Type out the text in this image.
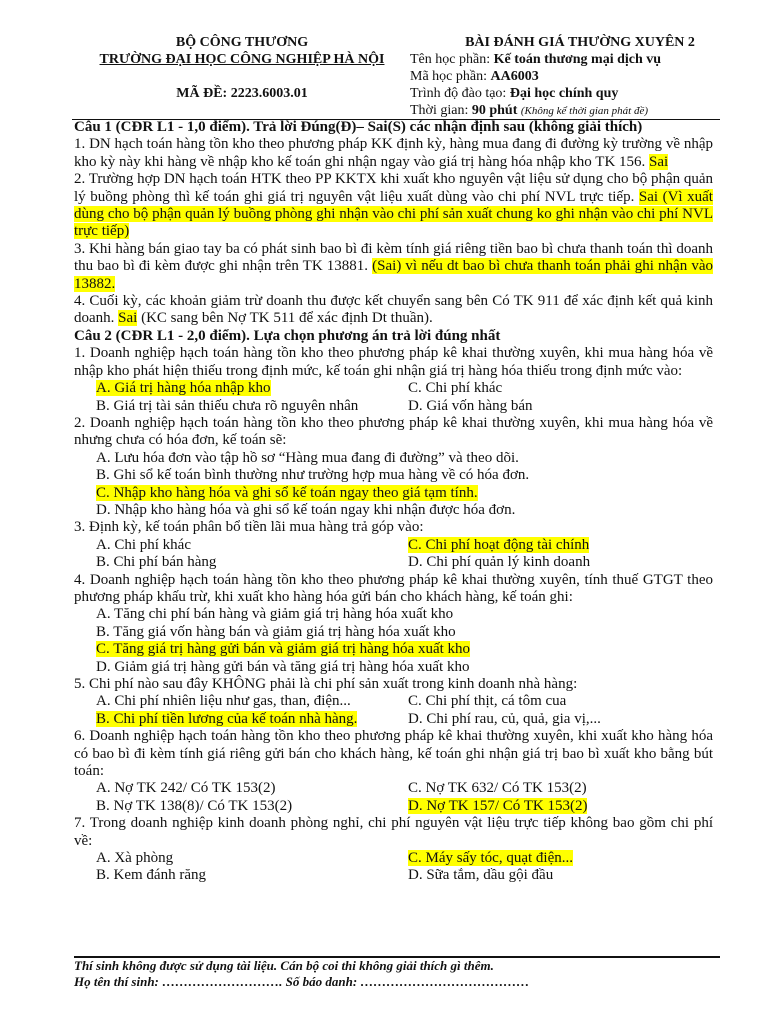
BỘ CÔNG THƯƠNG
TRƯỜNG ĐẠI HỌC CÔNG NGHIỆP HÀ NỘI
MÃ ĐỀ: 2223.6003.01
BÀI ĐÁNH GIÁ THƯỜNG XUYÊN 2
Tên học phần: Kế toán thương mại dịch vụ
Mã học phần: AA6003
Trình độ đào tạo: Đại học chính quy
Thời gian: 90 phút (Không kể thời gian phát đề)
Câu 1 (CĐR L1 - 1,0 điểm). Trả lời Đúng(Đ)– Sai(S) các nhận định sau (không giải thích)

1. DN hạch toán hàng tồn kho theo phương pháp KK định kỳ, hàng mua đang đi đường kỳ trường về nhập kho kỳ này khi hàng về nhập kho kế toán ghi nhận ngay vào giá trị hàng hóa nhập kho TK 156. Sai

2. Trường hợp DN hạch toán HTK theo PP KKTX khi xuất kho nguyên vật liệu sử dụng cho bộ phận quản lý buồng phòng thì kế toán ghi giá trị nguyên vật liệu xuất dùng vào chi phí NVL trực tiếp. Sai (Vì xuất dùng cho bộ phận quản lý buồng phòng ghi nhận vào chi phí sản xuất chung ko ghi nhận vào chi phí NVL trực tiếp)

3. Khi hàng bán giao tay ba có phát sinh bao bì đi kèm tính giá riêng tiền bao bì chưa thanh toán thì doanh thu bao bì đi kèm được ghi nhận trên TK 13881. (Sai) vì nếu dt bao bì chưa thanh toán phải ghi nhận vào 13882.

4. Cuối kỳ, các khoản giảm trừ doanh thu được kết chuyển sang bên Có TK 911 để xác định kết quả kinh doanh. Sai (KC sang bên Nợ TK 511 để xác định Dt thuần).

Câu 2 (CĐR L1 - 2,0 điểm). Lựa chọn phương án trả lời đúng nhất

1. Doanh nghiệp hạch toán hàng tồn kho theo phương pháp kê khai thường xuyên, khi mua hàng hóa về nhập kho phát hiện thiếu trong định mức, kế toán ghi nhận giá trị hàng hóa thiếu trong định mức vào:

A. Giá trị hàng hóa nhập kho	C. Chi phí khác
B. Giá trị tài sản thiếu chưa rõ nguyên nhân	D. Giá vốn hàng bán

2. Doanh nghiệp hạch toán hàng tồn kho theo phương pháp kê khai thường xuyên, khi mua hàng hóa về nhưng chưa có hóa đơn, kế toán sẽ:

A. Lưu hóa đơn vào tập hồ sơ “Hàng mua đang đi đường” và theo dõi.
B. Ghi sổ kế toán bình thường như trường hợp mua hàng về có hóa đơn.
C. Nhập kho hàng hóa và ghi sổ kế toán ngay theo giá tạm tính.
D. Nhập kho hàng hóa và ghi sổ kế toán ngay khi nhận được hóa đơn.

3. Định kỳ, kế toán phân bổ tiền lãi mua hàng trả góp vào:

A. Chi phí khác	C. Chi phí hoạt động tài chính
B. Chi phí bán hàng	D. Chi phí quản lý kinh doanh

4. Doanh nghiệp hạch toán hàng tồn kho theo phương pháp kê khai thường xuyên, tính thuế GTGT theo phương pháp khấu trừ, khi xuất kho hàng hóa gửi bán cho khách hàng, kế toán ghi:

A. Tăng chi phí bán hàng và giảm giá trị hàng hóa xuất kho
B. Tăng giá vốn hàng bán và giảm giá trị hàng hóa xuất kho
C. Tăng giá trị hàng gửi bán và giảm giá trị hàng hóa xuất kho
D. Giảm giá trị hàng gửi bán và tăng giá trị hàng hóa xuất kho

5. Chi phí nào sau đây KHÔNG phải là chi phí sản xuất trong kinh doanh nhà hàng:

A. Chi phí nhiên liệu như gas, than, điện...	C. Chi phí thịt, cá tôm cua
B. Chi phí tiền lương của kế toán nhà hàng.	D. Chi phí rau, củ, quả, gia vị,...

6. Doanh nghiệp hạch toán hàng tồn kho theo phương pháp kê khai thường xuyên, khi xuất kho hàng hóa có bao bì đi kèm tính giá riêng gửi bán cho khách hàng, kế toán ghi nhận giá trị bao bì xuất kho bằng bút toán:

A. Nợ TK 242/ Có TK 153(2)	C. Nợ TK 632/ Có TK 153(2)
B. Nợ TK 138(8)/ Có TK 153(2)	D. Nợ TK 157/ Có TK 153(2)

7. Trong doanh nghiệp kinh doanh phòng nghỉ, chi phí nguyên vật liệu trực tiếp không bao gồm chi phí về:

A. Xà phòng	C. Máy sấy tóc, quạt điện...
B. Kem đánh răng	D. Sữa tắm, dầu gội đầu
Thí sinh không được sử dụng tài liệu. Cán bộ coi thi không giải thích gì thêm.
Họ tên thí sinh: ………………………. Số báo danh: …………………………………
